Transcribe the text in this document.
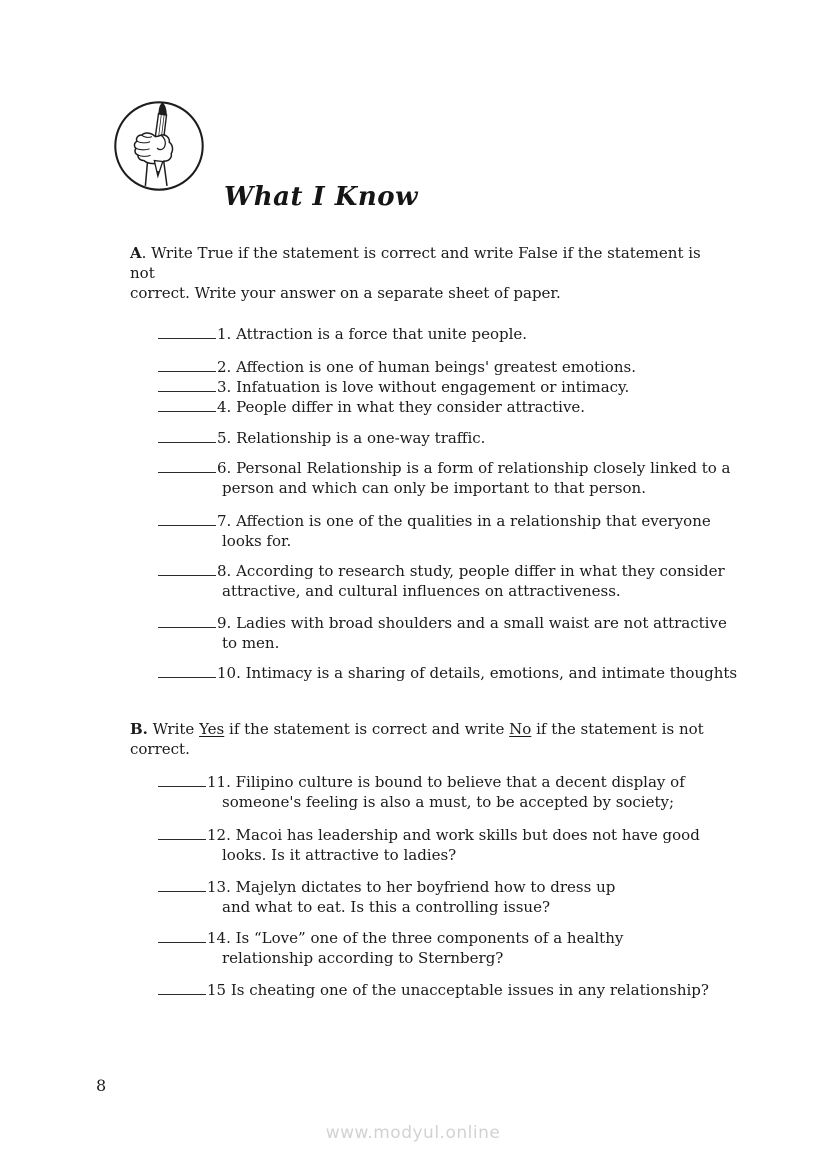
What I Know

A. Write True if the statement is correct and write False if the statement is not
correct. Write your answer on a separate sheet of paper.

1. Attraction is a force that unite people.
2. Affection is one of human beings' greatest emotions.
3. Infatuation is love without engagement or intimacy.
4. People differ in what they consider attractive.
5. Relationship is a one-way traffic.
6. Personal Relationship is a form of relationship closely linked to a
person and which can only be important to that person.
7. Affection is one of the qualities in a relationship that everyone
looks for.
8. According to research study, people differ in what they consider
attractive, and cultural influences on attractiveness.
9. Ladies with broad shoulders and a small waist are not attractive
to men.
10. Intimacy is a sharing of details, emotions, and intimate thoughts

B. Write Yes if the statement is correct and write No if the statement is not
correct.

11. Filipino culture is bound to believe that a decent display of
someone's feeling is also a must, to be accepted by society;
12. Macoi has leadership and work skills but does not have good
looks. Is it attractive to ladies?
13. Majelyn dictates to her boyfriend how to dress up
and what to eat. Is this a controlling issue?
14. Is “Love” one of the three components of a healthy
relationship according to Sternberg?
15 Is cheating one of the unacceptable issues in any relationship?
8
www.modyul.online
